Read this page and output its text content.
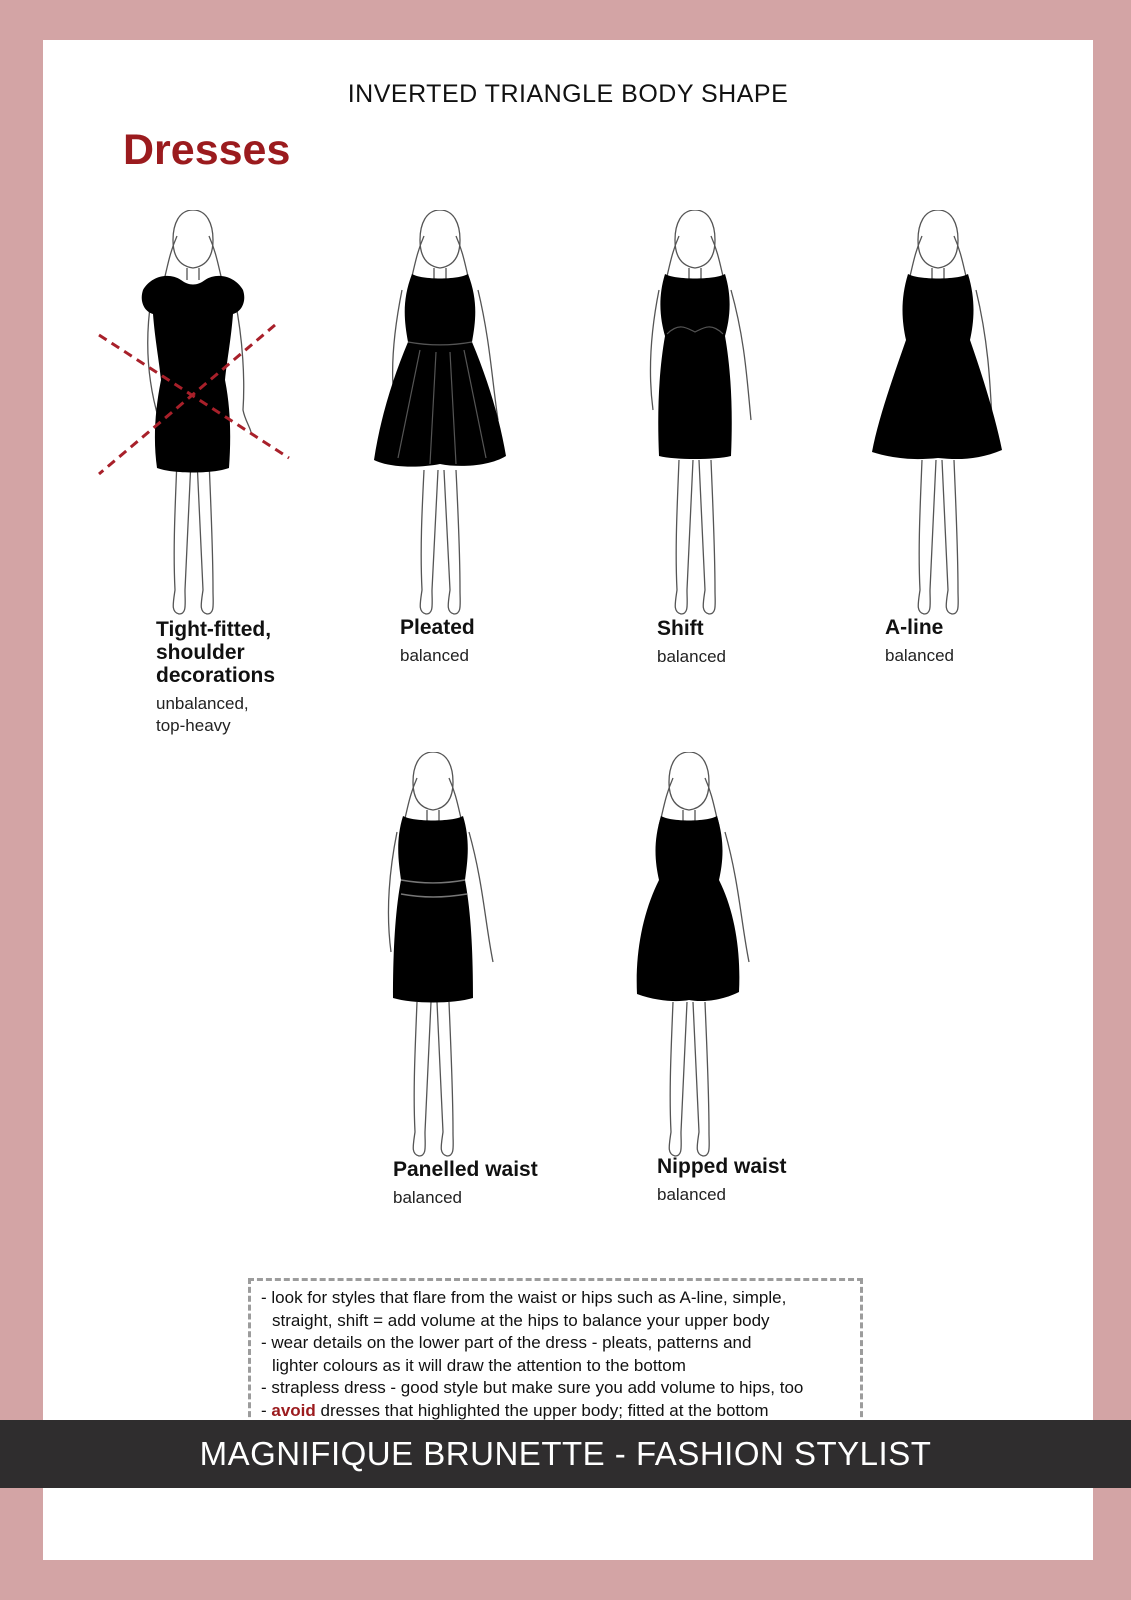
INVERTED TRIANGLE BODY SHAPE
Dresses
Tight-fitted,
shoulder
decorations
unbalanced,
top-heavy
Pleated
balanced
Shift
balanced
A-line
balanced
Panelled waist
balanced
Nipped waist
balanced

- look for styles that flare from the waist or hips such as A-line, simple,
straight, shift = add volume at the hips to balance your upper body

- wear details on the lower part of the dress - pleats, patterns and
lighter colours as it will draw the attention to the bottom

- strapless dress - good style but make sure you add volume to hips, too

- avoid dresses that highlighted the upper body; fitted at the bottom

MAGNIFIQUE BRUNETTE - FASHION STYLIST
